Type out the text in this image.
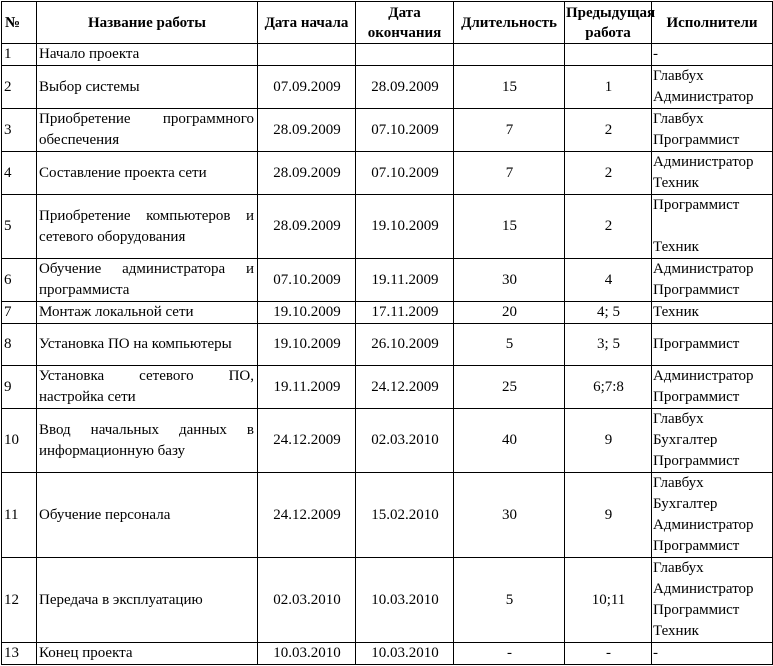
№	Название работы	Дата начала	Дата окончания	Длительность	Предыдущая работа	Исполнители
1	Начало проекта					-

2	Выбор системы	07.09.2009	28.09.2009	15	1	Главбух
Администратор

3	Приобретение программного обеспечения	28.09.2009	07.10.2009	7	2	Главбух
Программист

4	Составление проекта сети	28.09.2009	07.10.2009	7	2	Администратор
Техник

5	Приобретение компьютеров и сетевого оборудования	28.09.2009	19.10.2009	15	2	Программист
Техник

6	Обучение администратора и программиста	07.10.2009	19.11.2009	30	4	Администратор
Программист

7	Монтаж локальной сети	19.10.2009	17.11.2009	20	4; 5	Техник

8	Установка ПО на компьютеры	19.10.2009	26.10.2009	5	3; 5	Программист

9	Установка сетевого ПО, настройка сети	19.11.2009	24.12.2009	25	6;7:8	Администратор
Программист

10	Ввод начальных данных в информационную базу	24.12.2009	02.03.2010	40	9	Главбух
Бухгалтер
Программист

11	Обучение персонала	24.12.2009	15.02.2010	30	9	Главбух
Бухгалтер
Администратор
Программист

12	Передача в эксплуатацию	02.03.2010	10.03.2010	5	10;11	Главбух
Администратор
Программист
Техник

13	Конец проекта	10.03.2010	10.03.2010	-	-	-
